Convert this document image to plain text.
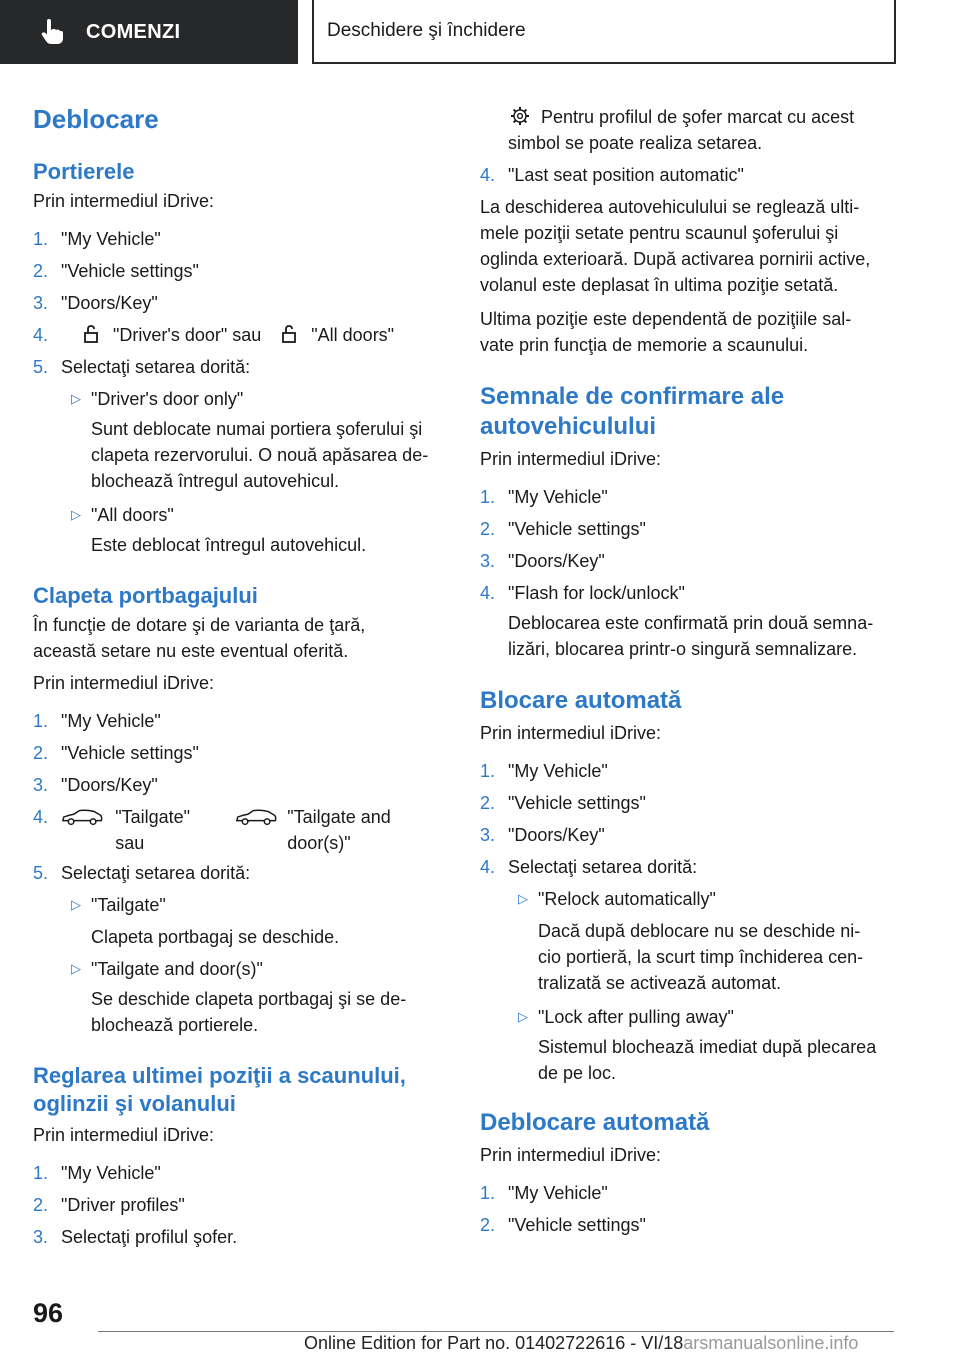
COMENZI	Deschidere şi închidere
Deblocare
Portierele

Prin intermediul iDrive:

1. "My Vehicle"
2. "Vehicle settings"
3. "Doors/Key"
4.	"Driver's door" sau	"All doors"
5. Selectaţi setarea dorită:
▷ "Driver's door only"

Sunt deblocate numai portiera şoferului şi clapeta rezervorului. O nouă apăsarea de‐blochează întregul autovehicul.

▷ "All doors"

Este deblocat întregul autovehicul.

Clapeta portbagajului

În funcţie de dotare şi de varianta de ţară, această setare nu este eventual oferită.

Prin intermediul iDrive:

1. "My Vehicle"
2. "Vehicle settings"
3. "Doors/Key"
4.	"Tailgate" sau
"Tailgate and door(s)"
5. Selectaţi setarea dorită:
▷ "Tailgate"

Clapeta portbagaj se deschide.

▷ "Tailgate and door(s)"

Se deschide clapeta portbagaj şi se de‐blochează portierele.

Reglarea ultimei poziţii a scaunului, oglinzii şi volanului

Prin intermediul iDrive:

1. "My Vehicle"
2. "Driver profiles"
3. Selectaţi profilul şofer.
Pentru profilul de şofer marcat cu acest simbol se poate realiza setarea.
4. "Last seat position automatic"

La deschiderea autovehiculului se reglează ulti‐mele poziţii setate pentru scaunul şoferului şi oglinda exterioară. După activarea pornirii active, volanul este deplasat în ultima poziţie setată.

Ultima poziţie este dependentă de poziţiile sal‐vate prin funcţia de memorie a scaunului.

Semnale de confirmare ale autovehiculului

Prin intermediul iDrive:

1. "My Vehicle"
2. "Vehicle settings"
3. "Doors/Key"
4. "Flash for lock/unlock"

Deblocarea este confirmată prin două semna‐lizări, blocarea printr-o singură semnalizare.

Blocare automată

Prin intermediul iDrive:

1. "My Vehicle"
2. "Vehicle settings"
3. "Doors/Key"
4. Selectaţi setarea dorită:
▷ "Relock automatically"

Dacă după deblocare nu se deschide ni‐cio portieră, la scurt timp închiderea cen‐tralizată se activează automat.

▷ "Lock after pulling away"

Sistemul blochează imediat după plecarea de pe loc.

Deblocare automată

Prin intermediul iDrive:

1. "My Vehicle"
2. "Vehicle settings"
96
Online Edition for Part no. 01402722616 - VI/18arsmanualsonline.info
